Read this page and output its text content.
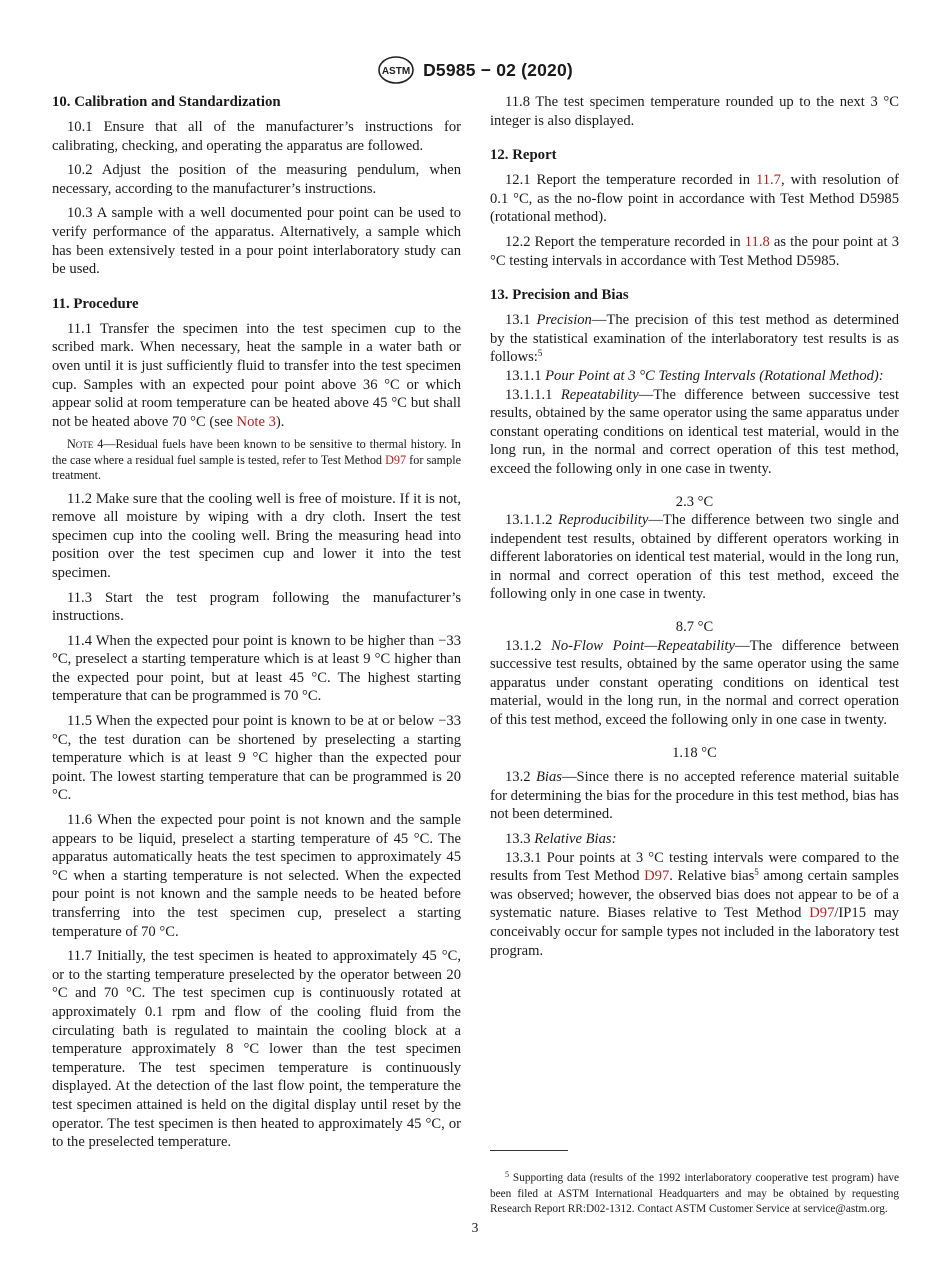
ASTM D5985 − 02 (2020)
10. Calibration and Standardization

10.1 Ensure that all of the manufacturer’s instructions for calibrating, checking, and operating the apparatus are followed.

10.2 Adjust the position of the measuring pendulum, when necessary, according to the manufacturer’s instructions.

10.3 A sample with a well documented pour point can be used to verify performance of the apparatus. Alternatively, a sample which has been extensively tested in a pour point interlaboratory study can be used.

11. Procedure

11.1 Transfer the specimen into the test specimen cup to the scribed mark. When necessary, heat the sample in a water bath or oven until it is just sufficiently fluid to transfer into the test specimen cup. Samples with an expected pour point above 36 °C or which appear solid at room temperature can be heated above 45 °C but shall not be heated above 70 °C (see Note 3).

Note 4—Residual fuels have been known to be sensitive to thermal history. In the case where a residual fuel sample is tested, refer to Test Method D97 for sample treatment.

11.2 Make sure that the cooling well is free of moisture. If it is not, remove all moisture by wiping with a dry cloth. Insert the test specimen cup into the cooling well. Bring the measuring head into position over the test specimen cup and lower it into the test specimen.

11.3 Start the test program following the manufacturer’s instructions.

11.4 When the expected pour point is known to be higher than −33 °C, preselect a starting temperature which is at least 9 °C higher than the expected pour point, but at least 45 °C. The highest starting temperature that can be programmed is 70 °C.

11.5 When the expected pour point is known to be at or below −33 °C, the test duration can be shortened by preselecting a starting temperature which is at least 9 °C higher than the expected pour point. The lowest starting temperature that can be programmed is 20 °C.

11.6 When the expected pour point is not known and the sample appears to be liquid, preselect a starting temperature of 45 °C. The apparatus automatically heats the test specimen to approximately 45 °C when a starting temperature is not selected. When the expected pour point is not known and the sample needs to be heated before transferring into the test specimen cup, preselect a starting temperature of 70 °C.

11.7 Initially, the test specimen is heated to approximately 45 °C, or to the starting temperature preselected by the operator between 20 °C and 70 °C. The test specimen cup is continuously rotated at approximately 0.1 rpm and flow of the cooling fluid from the circulating bath is regulated to maintain the cooling block at a temperature approximately 8 °C lower than the test specimen temperature. The test specimen temperature is continuously displayed. At the detection of the last flow point, the temperature the test specimen attained is held on the digital display until reset by the operator. The test specimen is then heated to approximately 45 °C, or to the preselected temperature.

11.8 The test specimen temperature rounded up to the next 3 °C integer is also displayed.

12. Report

12.1 Report the temperature recorded in 11.7, with resolution of 0.1 °C, as the no-flow point in accordance with Test Method D5985 (rotational method).

12.2 Report the temperature recorded in 11.8 as the pour point at 3 °C testing intervals in accordance with Test Method D5985.

13. Precision and Bias

13.1 Precision—The precision of this test method as determined by the statistical examination of the interlaboratory test results is as follows:$^5$

13.1.1 Pour Point at 3 °C Testing Intervals (Rotational Method):

13.1.1.1 Repeatability—The difference between successive test results, obtained by the same operator using the same apparatus under constant operating conditions on identical test material, would in the long run, in the normal and correct operation of this test method, exceed the following only in one case in twenty.

2.3 °C

13.1.1.2 Reproducibility—The difference between two single and independent test results, obtained by different operators working in different laboratories on identical test material, would in the long run, in normal and correct operation of this test method, exceed the following only in one case in twenty.

8.7 °C

13.1.2 No-Flow Point—Repeatability—The difference between successive test results, obtained by the same operator using the same apparatus under constant operating conditions on identical test material, would in the long run, in the normal and correct operation of this test method, exceed the following only in one case in twenty.

1.18 °C

13.2 Bias—Since there is no accepted reference material suitable for determining the bias for the procedure in this test method, bias has not been determined.

13.3 Relative Bias:

13.3.1 Pour points at 3 °C testing intervals were compared to the results from Test Method D97. Relative bias$^5$ among certain samples was observed; however, the observed bias does not appear to be of a systematic nature. Biases relative to Test Method D97/IP15 may conceivably occur for sample types not included in the laboratory test program.

$^5$ Supporting data (results of the 1992 interlaboratory cooperative test program) have been filed at ASTM International Headquarters and may be obtained by requesting Research Report RR:D02-1312. Contact ASTM Customer Service at service@astm.org.

3
